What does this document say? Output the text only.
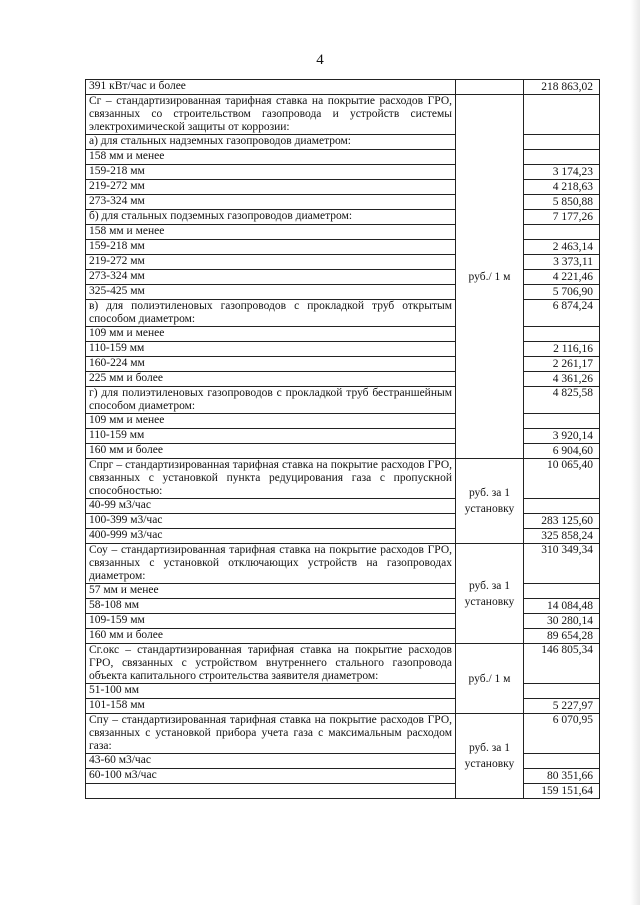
4
391 кВт/час и более		218 863,02
Cг – стандартизированная тарифная ставка на покрытие расходов ГРО, связанных со строительством газопровода и устройств системы электрохимической защиты от коррозии:	руб./ 1 м	
а) для стальных надземных газопроводов диаметром:		
158 мм и менее		
159-218 мм		3 174,23
219-272 мм		4 218,63
273-324 мм		5 850,88
б) для стальных подземных газопроводов диаметром:		7 177,26
158 мм и менее		
159-218 мм		2 463,14
219-272 мм		3 373,11
273-324 мм		4 221,46
325-425 мм		5 706,90
в) для полиэтиленовых газопроводов с прокладкой труб открытым способом диаметром:		6 874,24
109 мм и менее		
110-159 мм		2 116,16
160-224 мм		2 261,17
225 мм и более		4 361,26
г) для полиэтиленовых газопроводов с прокладкой труб бестраншейным способом диаметром:		4 825,58
109 мм и менее		
110-159 мм		3 920,14
160 мм и более		6 904,60
Cпрг – стандартизированная тарифная ставка на покрытие расходов ГРО, связанных с установкой пункта редуцирования газа с пропускной способностью:	руб. за 1 установку	10 065,40
40-99 м3/час		
100-399 м3/час		283 125,60
400-999 м3/час		325 858,24
Cоу – стандартизированная тарифная ставка на покрытие расходов ГРО, связанных с установкой отключающих устройств на газопроводах диаметром:	руб. за 1 установку	310 349,34
57 мм и менее		
58-108 мм		14 084,48
109-159 мм		30 280,14
160 мм и более		89 654,28
Cг.окс – стандартизированная тарифная ставка на покрытие расходов ГРО, связанных с устройством внутреннего стального газопровода объекта капитального строительства заявителя диаметром:	руб./ 1 м	146 805,34
51-100 мм		
101-158 мм		5 227,97
Cпу – стандартизированная тарифная ставка на покрытие расходов ГРО, связанных с установкой прибора учета газа с максимальным расходом газа:	руб. за 1 установку	6 070,95
43-60 м3/час		
60-100 м3/час		80 351,66
		159 151,64
